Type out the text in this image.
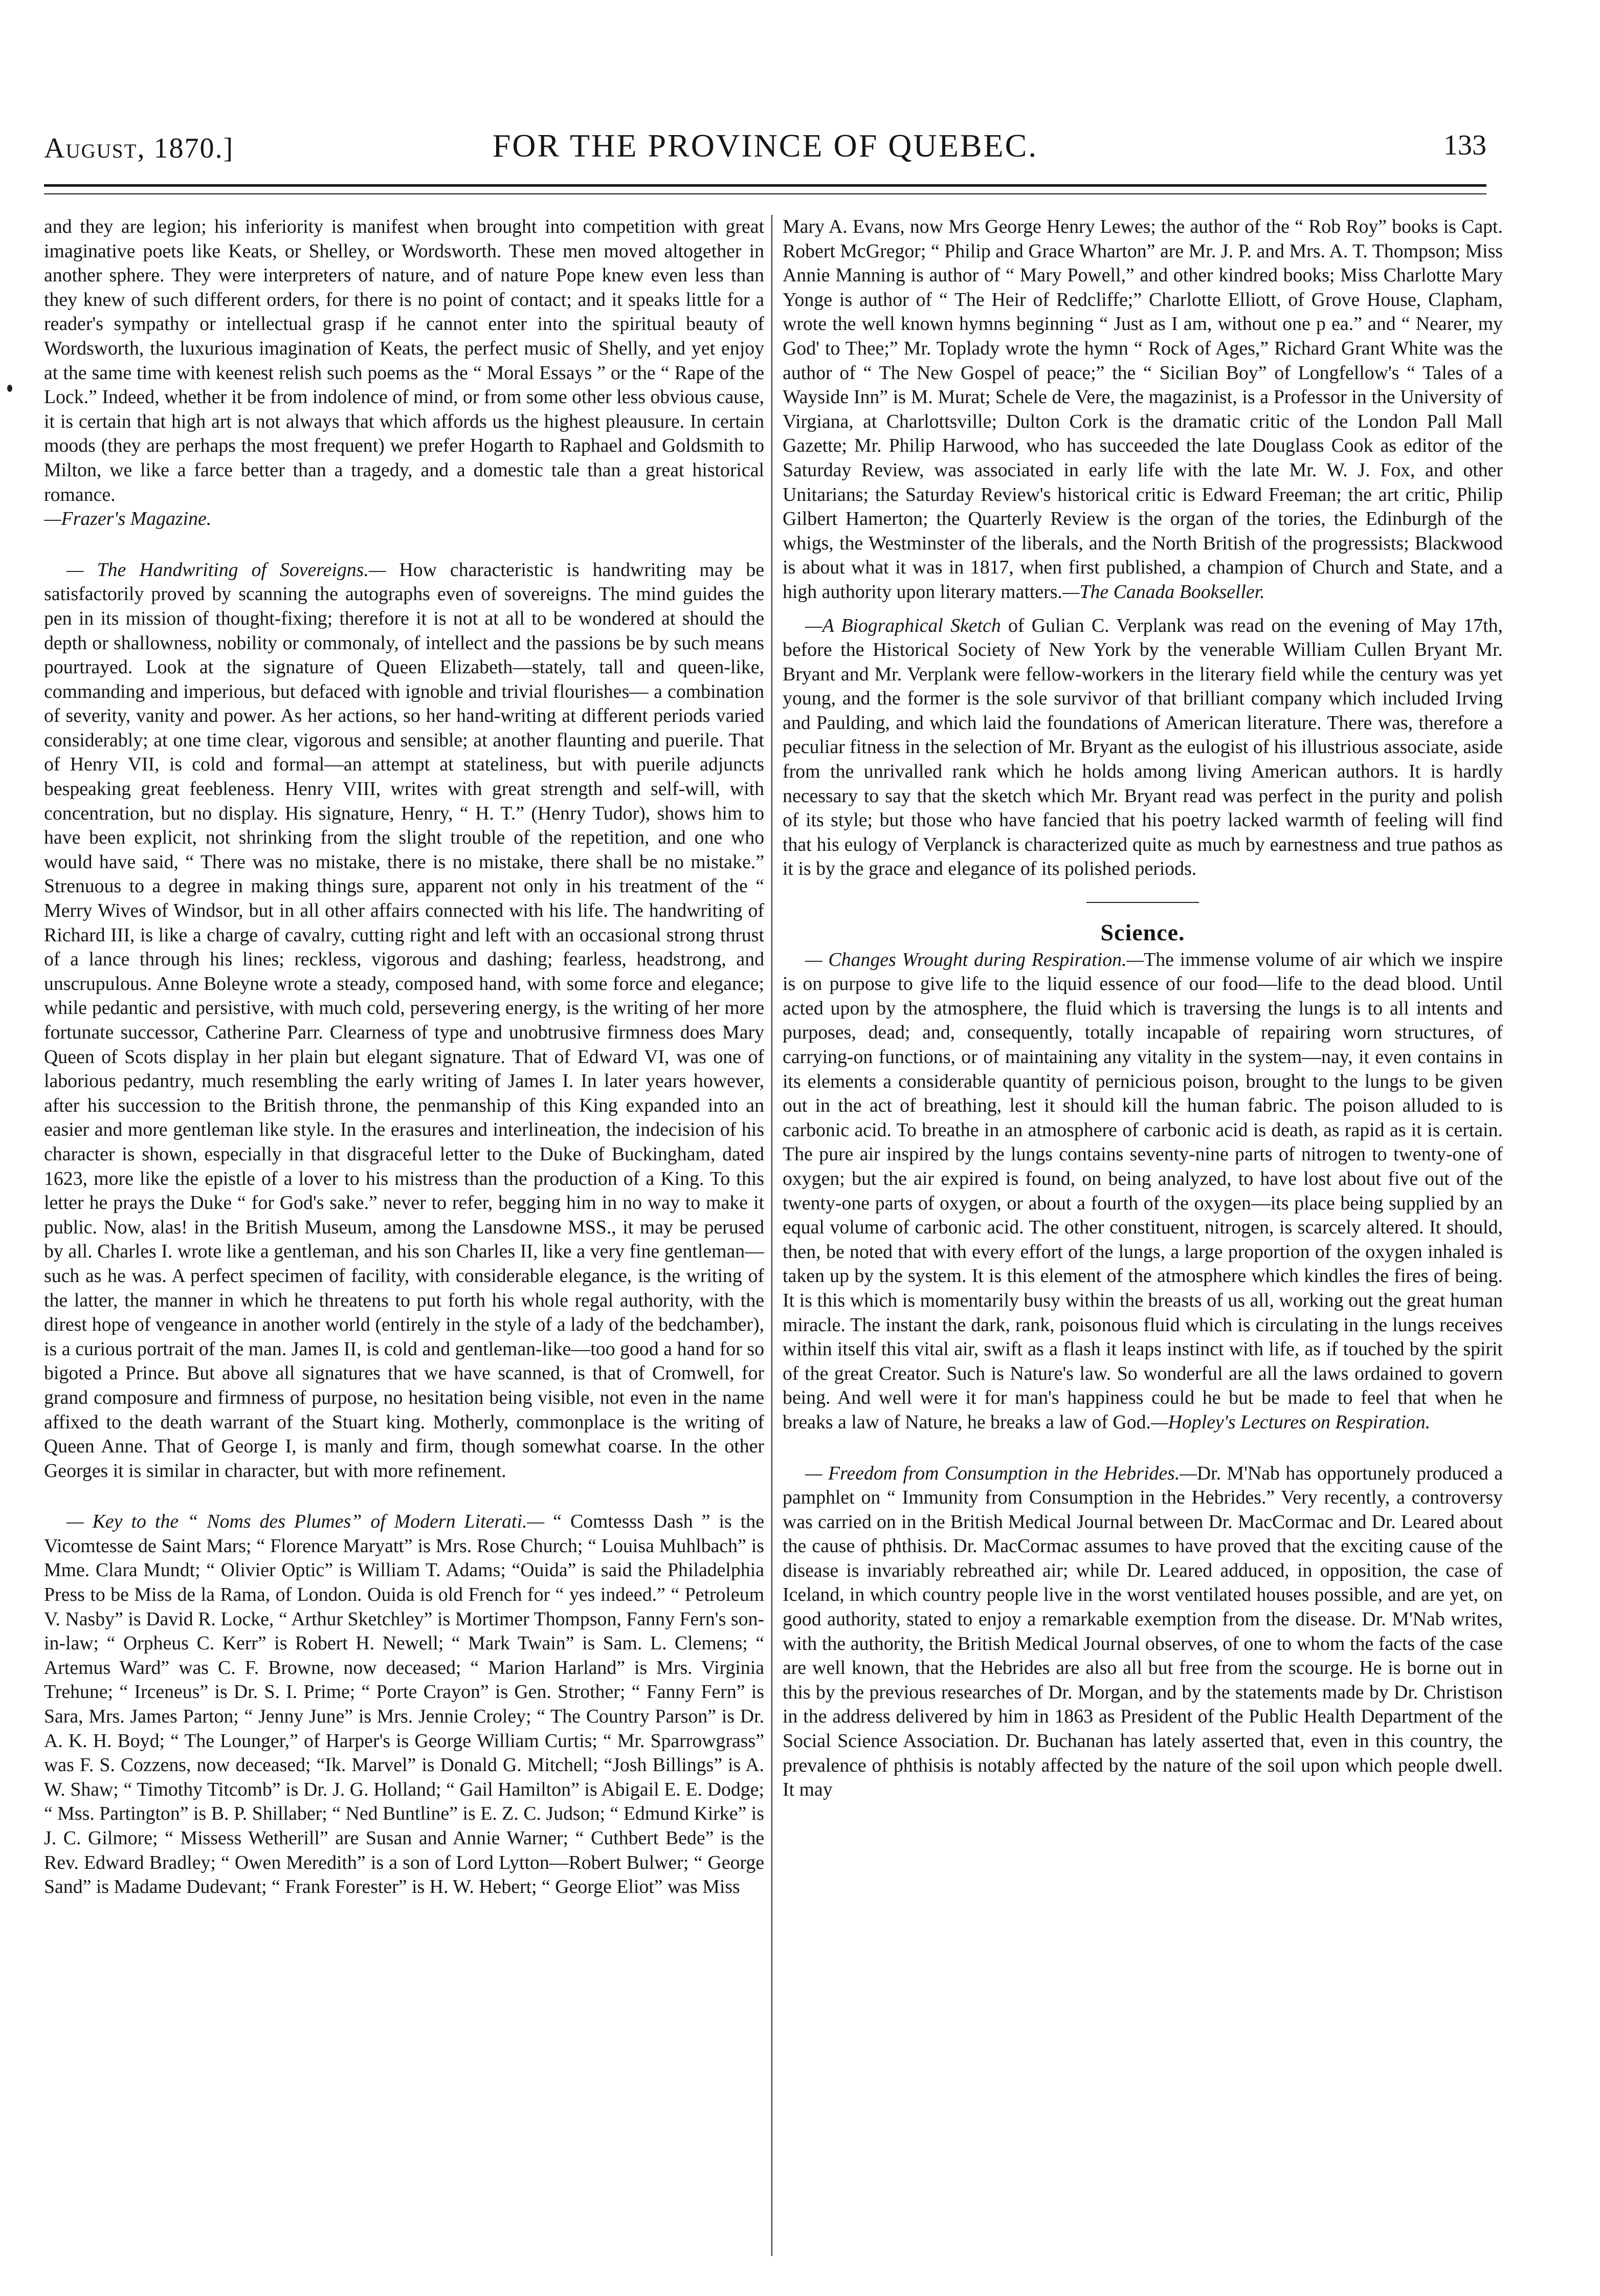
August, 1870.]	FOR THE PROVINCE OF QUEBEC.	133

and they are legion; his inferiority is manifest when brought into competition with great imaginative poets like Keats, or Shelley, or Wordsworth. These men moved altogether in another sphere. They were interpreters of nature, and of nature Pope knew even less than they knew of such different orders, for there is no point of contact; and it speaks little for a reader's sympathy or intellectual grasp if he cannot enter into the spiritual beauty of Wordsworth, the luxurious imagination of Keats, the perfect music of Shelly, and yet enjoy at the same time with keenest relish such poems as the “ Moral Essays ” or the “ Rape of the Lock.” Indeed, whether it be from indolence of mind, or from some other less obvious cause, it is certain that high art is not always that which affords us the highest pleausure. In certain moods (they are perhaps the most frequent) we prefer Hogarth to Raphael and Goldsmith to Milton, we like a farce better than a tragedy, and a domestic tale than a great historical romance.

—Frazer's Magazine.

— The Handwriting of Sovereigns.— How characteristic is handwriting may be satisfactorily proved by scanning the autographs even of sovereigns. The mind guides the pen in its mission of thought-fixing; therefore it is not at all to be wondered at should the depth or shallowness, nobility or commonaly, of intellect and the passions be by such means pourtrayed. Look at the signature of Queen Elizabeth—stately, tall and queen-like, commanding and imperious, but defaced with ignoble and trivial flourishes— a combination of severity, vanity and power. As her actions, so her hand-writing at different periods varied considerably; at one time clear, vigorous and sensible; at another flaunting and puerile. That of Henry VII, is cold and formal—an attempt at stateliness, but with puerile adjuncts bespeaking great feebleness. Henry VIII, writes with great strength and self-will, with concentration, but no display. His signature, Henry, “ H. T.” (Henry Tudor), shows him to have been explicit, not shrinking from the slight trouble of the repetition, and one who would have said, “ There was no mistake, there is no mistake, there shall be no mistake.” Strenuous to a degree in making things sure, apparent not only in his treatment of the “ Merry Wives of Windsor, but in all other affairs connected with his life. The handwriting of Richard III, is like a charge of cavalry, cutting right and left with an occasional strong thrust of a lance through his lines; reckless, vigorous and dashing; fearless, headstrong, and unscrupulous. Anne Boleyne wrote a steady, composed hand, with some force and elegance; while pedantic and persistive, with much cold, persevering energy, is the writing of her more fortunate successor, Catherine Parr. Clearness of type and unobtrusive firmness does Mary Queen of Scots display in her plain but elegant signature. That of Edward VI, was one of laborious pedantry, much resembling the early writing of James I. In later years however, after his succession to the British throne, the penmanship of this King expanded into an easier and more gentleman like style. In the erasures and interlineation, the indecision of his character is shown, especially in that disgraceful letter to the Duke of Buckingham, dated 1623, more like the epistle of a lover to his mistress than the production of a King. To this letter he prays the Duke “ for God's sake.” never to refer, begging him in no way to make it public. Now, alas! in the British Museum, among the Lansdowne MSS., it may be perused by all. Charles I. wrote like a gentleman, and his son Charles II, like a very fine gentleman—such as he was. A perfect specimen of facility, with considerable elegance, is the writing of the latter, the manner in which he threatens to put forth his whole regal authority, with the direst hope of vengeance in another world (entirely in the style of a lady of the bedchamber), is a curious portrait of the man. James II, is cold and gentleman-like—too good a hand for so bigoted a Prince. But above all signatures that we have scanned, is that of Cromwell, for grand composure and firmness of purpose, no hesitation being visible, not even in the name affixed to the death warrant of the Stuart king. Motherly, commonplace is the writing of Queen Anne. That of George I, is manly and firm, though somewhat coarse. In the other Georges it is similar in character, but with more refinement.

— Key to the “ Noms des Plumes” of Modern Literati.— “ Comtesss Dash ” is the Vicomtesse de Saint Mars; “ Florence Maryatt” is Mrs. Rose Church; “ Louisa Muhlbach” is Mme. Clara Mundt; “ Olivier Optic” is William T. Adams; “Ouida” is said the Philadelphia Press to be Miss de la Rama, of London. Ouida is old French for “ yes indeed.” “ Petroleum V. Nasby” is David R. Locke, “ Arthur Sketchley” is Mortimer Thompson, Fanny Fern's son-in-law; “ Orpheus C. Kerr” is Robert H. Newell; “ Mark Twain” is Sam. L. Clemens; “ Artemus Ward” was C. F. Browne, now deceased; “ Marion Harland” is Mrs. Virginia Trehune; “ Irceneus” is Dr. S. I. Prime; “ Porte Crayon” is Gen. Strother; “ Fanny Fern” is Sara, Mrs. James Parton; “ Jenny June” is Mrs. Jennie Croley; “ The Country Parson” is Dr. A. K. H. Boyd; “ The Lounger,” of Harper's is George William Curtis; “ Mr. Sparrowgrass” was F. S. Cozzens, now deceased; “Ik. Marvel” is Donald G. Mitchell; “Josh Billings” is A. W. Shaw; “ Timothy Titcomb” is Dr. J. G. Holland; “ Gail Hamilton” is Abigail E. E. Dodge; “ Mss. Partington” is B. P. Shillaber; “ Ned Buntline” is E. Z. C. Judson; “ Edmund Kirke” is J. C. Gilmore; “ Missess Wetherill” are Susan and Annie Warner; “ Cuthbert Bede” is the Rev. Edward Bradley; “ Owen Meredith” is a son of Lord Lytton—Robert Bulwer; “ George Sand” is Madame Dudevant; “ Frank Forester” is H. W. Hebert; “ George Eliot” was Miss

Mary A. Evans, now Mrs George Henry Lewes; the author of the “ Rob Roy” books is Capt. Robert McGregor; “ Philip and Grace Wharton” are Mr. J. P. and Mrs. A. T. Thompson; Miss Annie Manning is author of “ Mary Powell,” and other kindred books; Miss Charlotte Mary Yonge is author of “ The Heir of Redcliffe;” Charlotte Elliott, of Grove House, Clapham, wrote the well known hymns beginning “ Just as I am, without one p ea.” and “ Nearer, my God' to Thee;” Mr. Toplady wrote the hymn “ Rock of Ages,” Richard Grant White was the author of “ The New Gospel of peace;” the “ Sicilian Boy” of Longfellow's “ Tales of a Wayside Inn” is M. Murat; Schele de Vere, the magazinist, is a Professor in the University of Virgiana, at Charlottsville; Dulton Cork is the dramatic critic of the London Pall Mall Gazette; Mr. Philip Harwood, who has succeeded the late Douglass Cook as editor of the Saturday Review, was associated in early life with the late Mr. W. J. Fox, and other Unitarians; the Saturday Review's historical critic is Edward Freeman; the art critic, Philip Gilbert Hamerton; the Quarterly Review is the organ of the tories, the Edinburgh of the whigs, the Westminster of the liberals, and the North British of the progressists; Blackwood is about what it was in 1817, when first published, a champion of Church and State, and a high authority upon literary matters.—The Canada Bookseller.

—A Biographical Sketch of Gulian C. Verplank was read on the evening of May 17th, before the Historical Society of New York by the venerable William Cullen Bryant Mr. Bryant and Mr. Verplank were fellow-workers in the literary field while the century was yet young, and the former is the sole survivor of that brilliant company which included Irving and Paulding, and which laid the foundations of American literature. There was, therefore a peculiar fitness in the selection of Mr. Bryant as the eulogist of his illustrious associate, aside from the unrivalled rank which he holds among living American authors. It is hardly necessary to say that the sketch which Mr. Bryant read was perfect in the purity and polish of its style; but those who have fancied that his poetry lacked warmth of feeling will find that his eulogy of Verplanck is characterized quite as much by earnestness and true pathos as it is by the grace and elegance of its polished periods.

Science.

— Changes Wrought during Respiration.—The immense volume of air which we inspire is on purpose to give life to the liquid essence of our food—life to the dead blood. Until acted upon by the atmosphere, the fluid which is traversing the lungs is to all intents and purposes, dead; and, consequently, totally incapable of repairing worn structures, of carrying-on functions, or of maintaining any vitality in the system—nay, it even contains in its elements a considerable quantity of pernicious poison, brought to the lungs to be given out in the act of breathing, lest it should kill the human fabric. The poison alluded to is carbonic acid. To breathe in an atmosphere of carbonic acid is death, as rapid as it is certain. The pure air inspired by the lungs contains seventy-nine parts of nitrogen to twenty-one of oxygen; but the air expired is found, on being analyzed, to have lost about five out of the twenty-one parts of oxygen, or about a fourth of the oxygen—its place being supplied by an equal volume of carbonic acid. The other constituent, nitrogen, is scarcely altered. It should, then, be noted that with every effort of the lungs, a large proportion of the oxygen inhaled is taken up by the system. It is this element of the atmosphere which kindles the fires of being. It is this which is momentarily busy within the breasts of us all, working out the great human miracle. The instant the dark, rank, poisonous fluid which is circulating in the lungs receives within itself this vital air, swift as a flash it leaps instinct with life, as if touched by the spirit of the great Creator. Such is Nature's law. So wonderful are all the laws ordained to govern being. And well were it for man's happiness could he but be made to feel that when he breaks a law of Nature, he breaks a law of God.—Hopley's Lectures on Respiration.

— Freedom from Consumption in the Hebrides.—Dr. M'Nab has opportunely produced a pamphlet on “ Immunity from Consumption in the Hebrides.” Very recently, a controversy was carried on in the British Medical Journal between Dr. MacCormac and Dr. Leared about the cause of phthisis. Dr. MacCormac assumes to have proved that the exciting cause of the disease is invariably rebreathed air; while Dr. Leared adduced, in opposition, the case of Iceland, in which country people live in the worst ventilated houses possible, and are yet, on good authority, stated to enjoy a remarkable exemption from the disease. Dr. M'Nab writes, with the authority, the British Medical Journal observes, of one to whom the facts of the case are well known, that the Hebrides are also all but free from the scourge. He is borne out in this by the previous researches of Dr. Morgan, and by the statements made by Dr. Christison in the address delivered by him in 1863 as President of the Public Health Department of the Social Science Association. Dr. Buchanan has lately asserted that, even in this country, the prevalence of phthisis is notably affected by the nature of the soil upon which people dwell. It may
